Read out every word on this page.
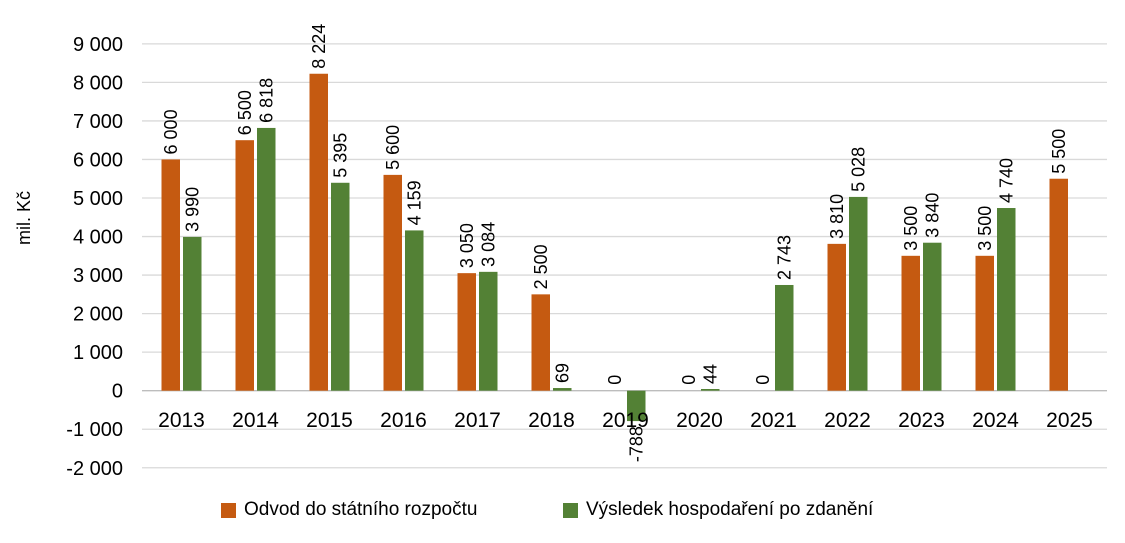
-2 000
-1 000
0
1 000
2 000
3 000
4 000
5 000
6 000
7 000
8 000
9 000
mil. Kč
6 000	6 500
8 224
5 600
3 050	2 500
0	0	0
3 810	3 500	3 500
5 500
3 990
6 818
5 395
4 159
3 084
69
-788
44
2 743
5 028
3 840
4 740
2013 2014 2015 2016 2017 2018 2019 2020 2021 2022 2023 2024 2025
Odvod do státního rozpočtu	Výsledek hospodaření po zdanění
